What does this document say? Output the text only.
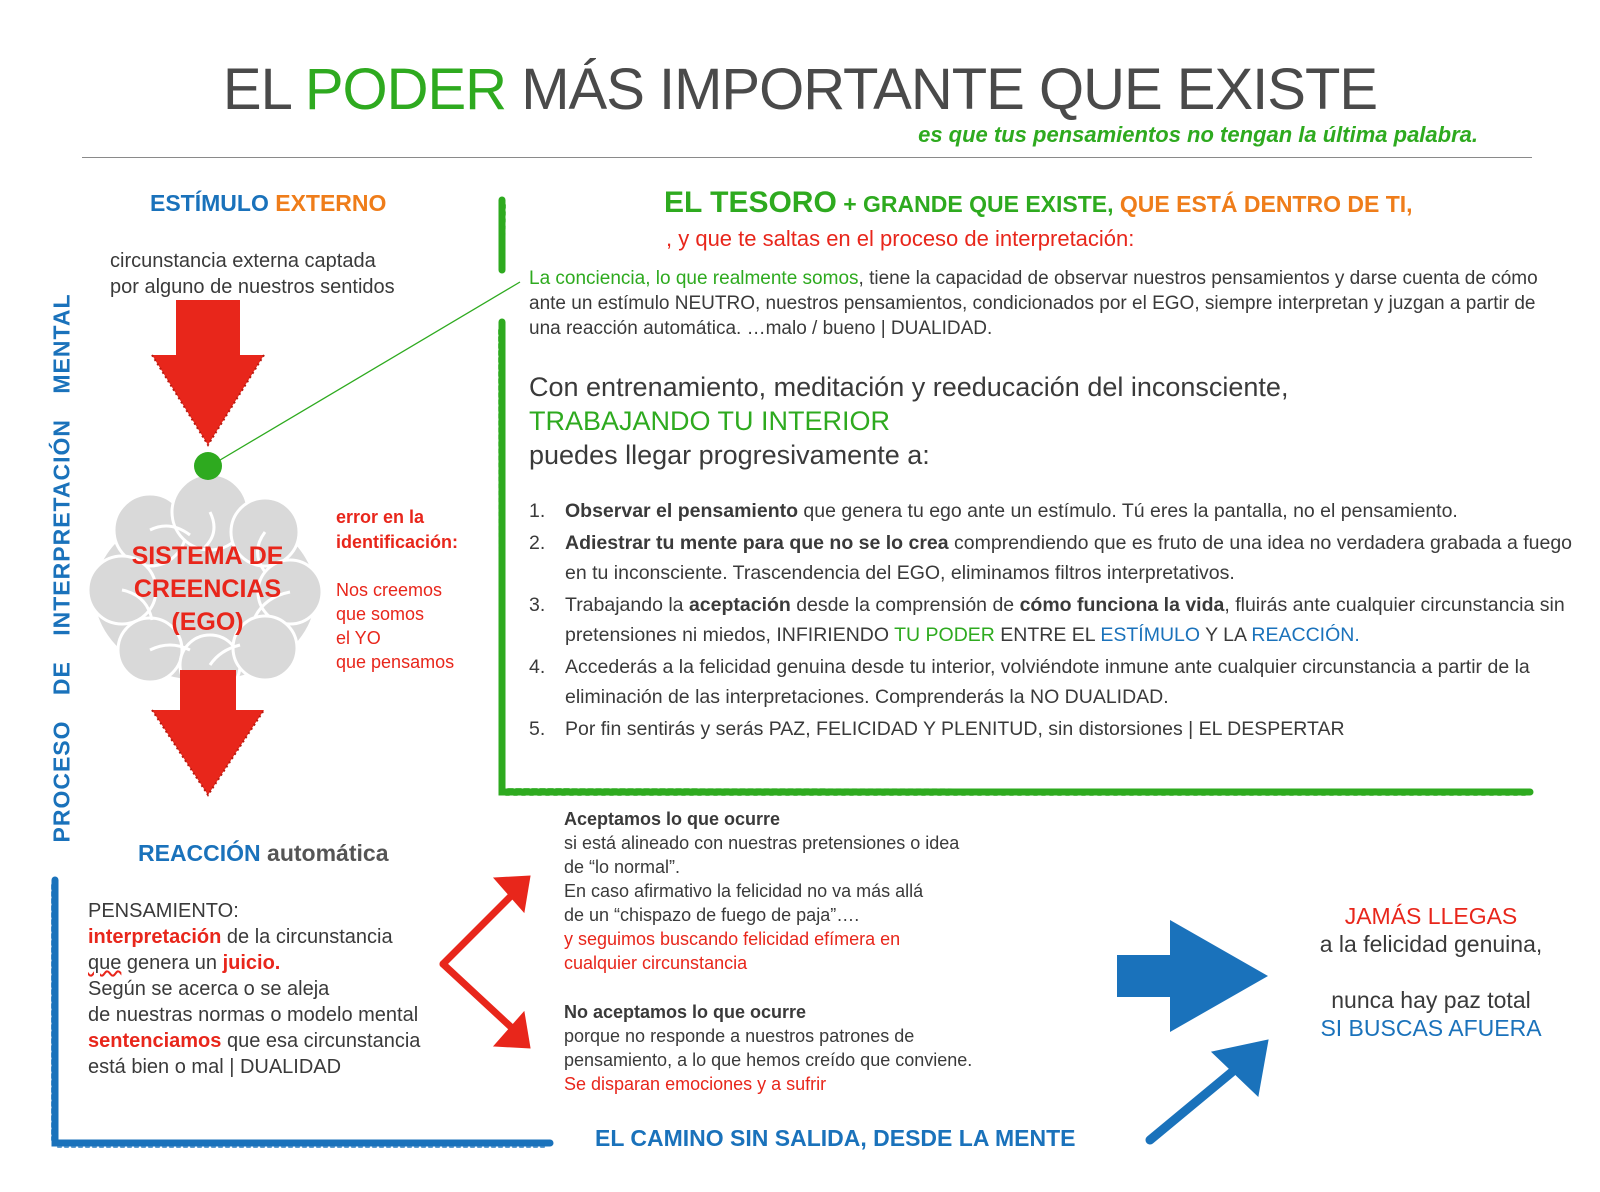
EL PODER MÁS IMPORTANTE QUE EXISTE
es que tus pensamientos no tengan la última palabra.
ESTÍMULO EXTERNO
circunstancia externa captada
por alguno de nuestros sentidos
PROCESO DE INTERPRETACIÓN MENTAL	SISTEMA DE
CREENCIAS
(EGO)
error en la
identificación:
Nos creemos
que somos
el YO
que pensamos
EL TESORO + GRANDE QUE EXISTE, QUE ESTÁ DENTRO DE TI,
, y que te saltas en el proceso de interpretación:
La conciencia, lo que realmente somos, tiene la capacidad de observar nuestros pensamientos y darse cuenta de cómo ante un estímulo NEUTRO, nuestros pensamientos, condicionados por el EGO, siempre interpretan y juzgan a partir de una reacción automática. …malo / bueno | DUALIDAD.
Con entrenamiento, meditación y reeducación del inconsciente,
TRABAJANDO TU INTERIOR
puedes llegar progresivamente a:
1. Observar el pensamiento que genera tu ego ante un estímulo. Tú eres la pantalla, no el pensamiento.
2. Adiestrar tu mente para que no se lo crea comprendiendo que es fruto de una idea no verdadera grabada a fuego en tu inconsciente. Trascendencia del EGO, eliminamos filtros interpretativos.
3. Trabajando la aceptación desde la comprensión de cómo funciona la vida, fluirás ante cualquier circunstancia sin pretensiones ni miedos, INFIRIENDO TU PODER ENTRE EL ESTÍMULO Y LA REACCIÓN.
4. Accederás a la felicidad genuina desde tu interior, volviéndote inmune ante cualquier circunstancia a partir de la eliminación de las interpretaciones. Comprenderás la NO DUALIDAD.
5. Por fin sentirás y serás PAZ, FELICIDAD Y PLENITUD, sin distorsiones | EL DESPERTAR
REACCIÓN automática
PENSAMIENTO:
interpretación de la circunstancia
que genera un juicio.
Según se acerca o se aleja
de nuestras normas o modelo mental
sentenciamos que esa circunstancia
está bien o mal | DUALIDAD
Aceptamos lo que ocurre
si está alineado con nuestras pretensiones o idea
de “lo normal”.
En caso afirmativo la felicidad no va más allá
de un “chispazo de fuego de paja”….
y seguimos buscando felicidad efímera en
cualquier circunstancia
No aceptamos lo que ocurre
porque no responde a nuestros patrones de
pensamiento, a lo que hemos creído que conviene.
Se disparan emociones y a sufrir
JAMÁS LLEGAS
a la felicidad genuina,
nunca hay paz total
SI BUSCAS AFUERA
EL CAMINO SIN SALIDA, DESDE LA MENTE
